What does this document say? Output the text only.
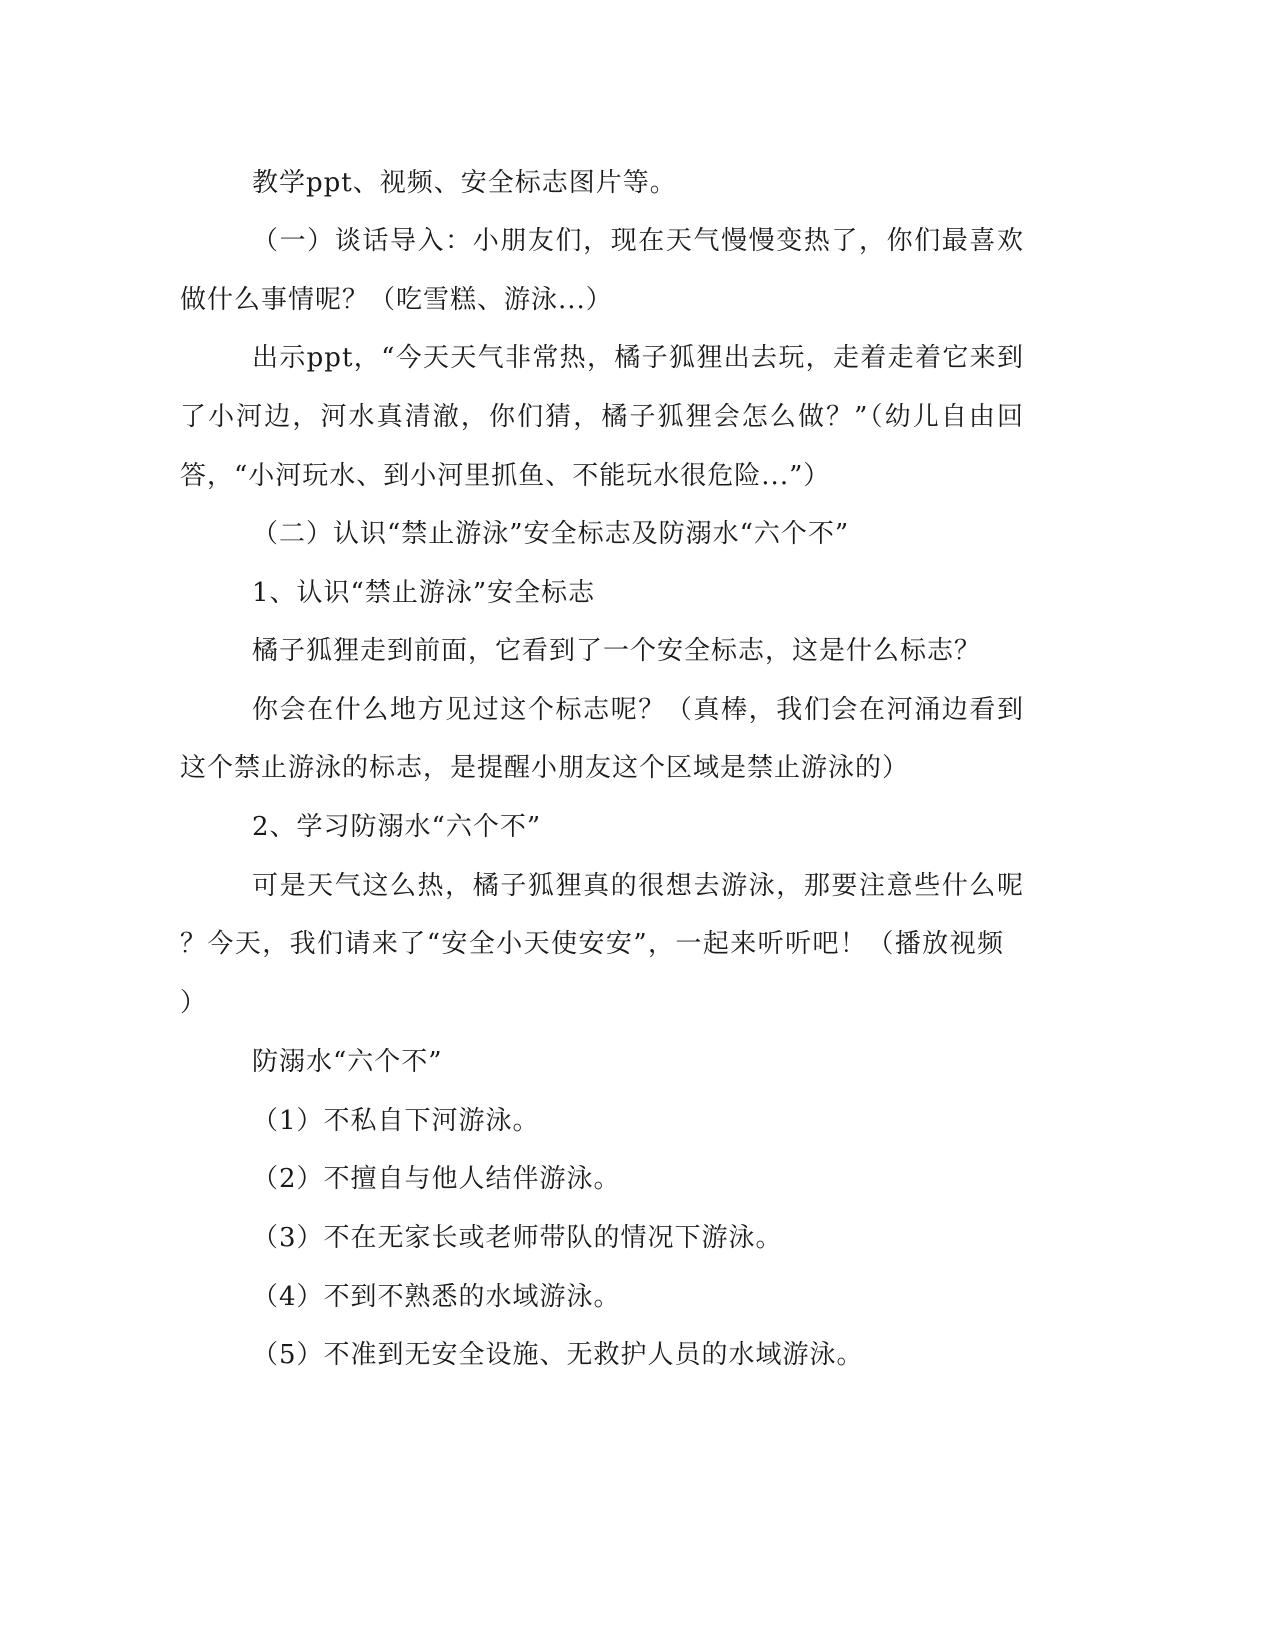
教学ppt、视频、安全标志图片等。
（一）谈话导入：小朋友们，现在天气慢慢变热了，你们最喜欢
做什么事情呢？（吃雪糕、游泳...）
出示ppt，“今天天气非常热，橘子狐狸出去玩，走着走着它来到
了小河边，河水真清澈，你们猜，橘子狐狸会怎么做？”（幼儿自由回
答，“小河玩水、到小河里抓鱼、不能玩水很危险...”）
（二）认识“禁止游泳”安全标志及防溺水“六个不”
1、认识“禁止游泳”安全标志
橘子狐狸走到前面，它看到了一个安全标志，这是什么标志？
你会在什么地方见过这个标志呢？（真棒，我们会在河涌边看到
这个禁止游泳的标志，是提醒小朋友这个区域是禁止游泳的）
2、学习防溺水“六个不”
可是天气这么热，橘子狐狸真的很想去游泳，那要注意些什么呢
？今天，我们请来了“安全小天使安安”，一起来听听吧！（播放视频
）
防溺水“六个不”
（1）不私自下河游泳。
（2）不擅自与他人结伴游泳。
（3）不在无家长或老师带队的情况下游泳。
（4）不到不熟悉的水域游泳。
（5）不准到无安全设施、无救护人员的水域游泳。
